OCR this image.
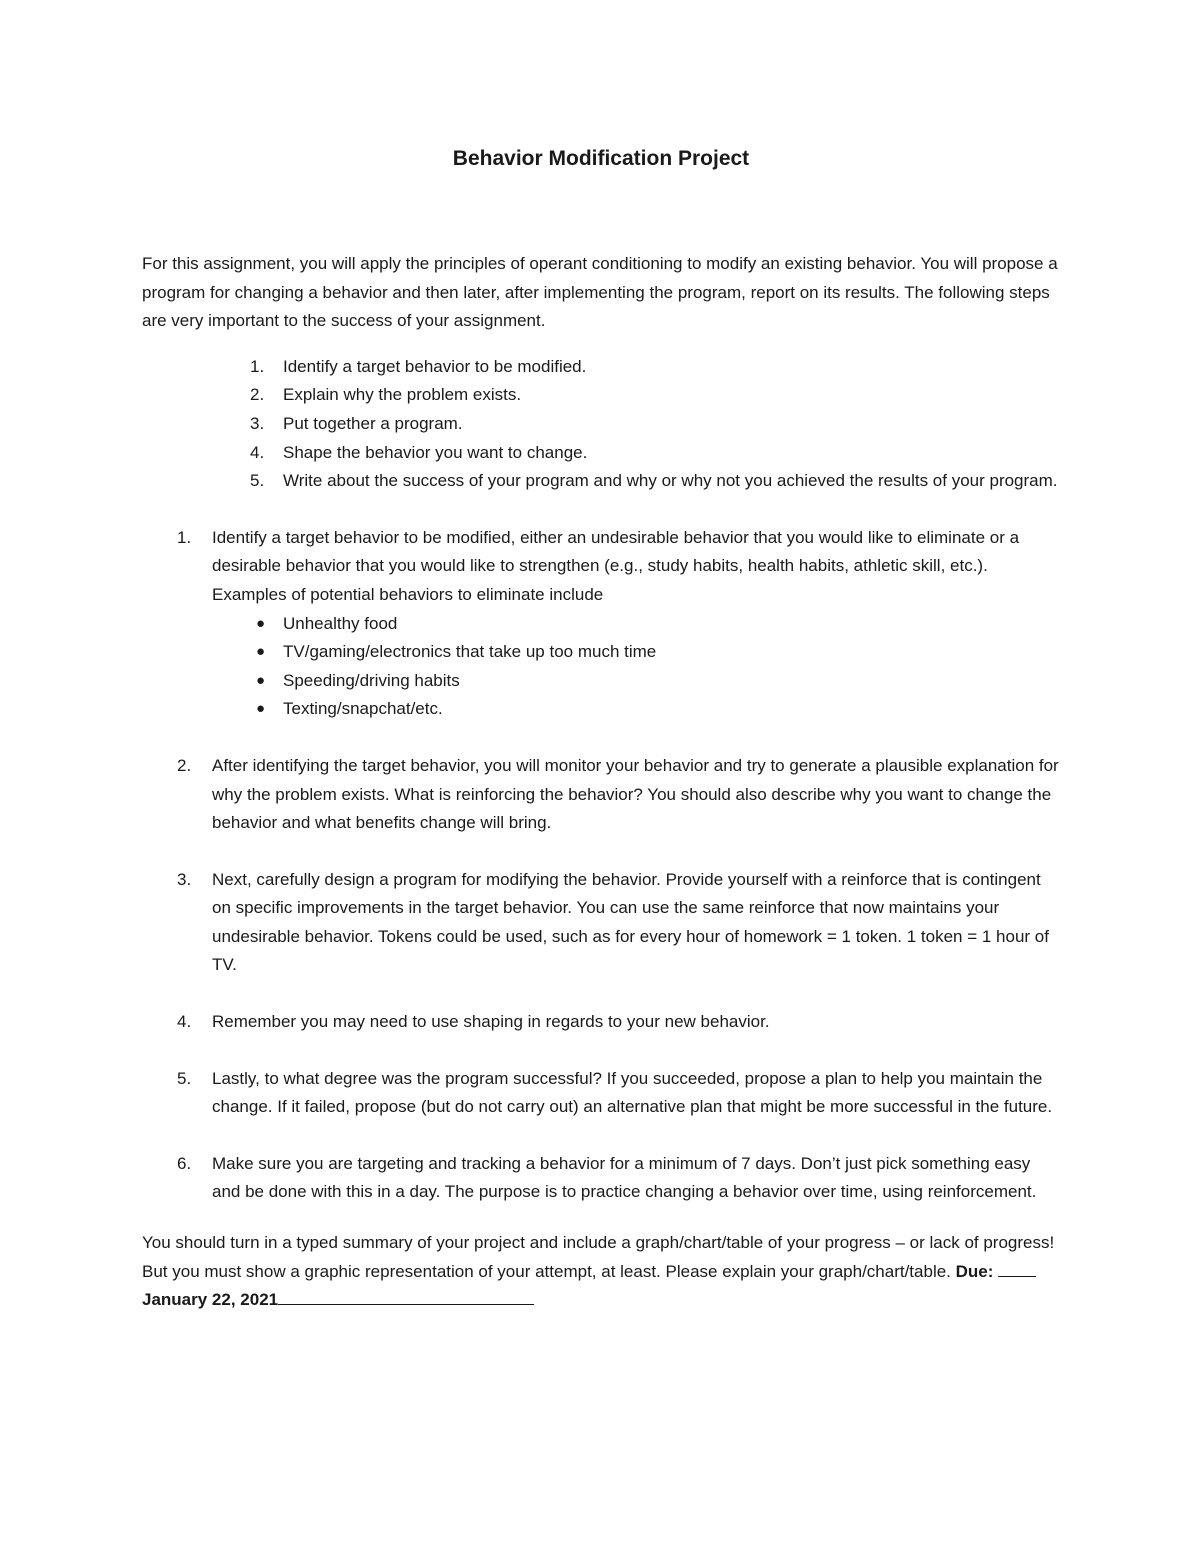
Behavior Modification Project

For this assignment, you will apply the principles of operant conditioning to modify an existing behavior. You will propose a program for changing a behavior and then later, after implementing the program, report on its results. The following steps are very important to the success of your assignment.

1.	Identify a target behavior to be modified.
2.	Explain why the problem exists.
3.	Put together a program.
4.	Shape the behavior you want to change.
5.	Write about the success of your program and why or why not you achieved the results of your program.
1.	Identify a target behavior to be modified, either an undesirable behavior that you would like to eliminate or a desirable behavior that you would like to strengthen (e.g., study habits, health habits, athletic skill, etc.). Examples of potential behaviors to eliminate include
●	Unhealthy food
●	TV/gaming/electronics that take up too much time
●	Speeding/driving habits
●	Texting/snapchat/etc.
2.	After identifying the target behavior, you will monitor your behavior and try to generate a plausible explanation for why the problem exists. What is reinforcing the behavior? You should also describe why you want to change the behavior and what benefits change will bring.
3.	Next, carefully design a program for modifying the behavior. Provide yourself with a reinforce that is contingent on specific improvements in the target behavior. You can use the same reinforce that now maintains your undesirable behavior. Tokens could be used, such as for every hour of homework = 1 token. 1 token = 1 hour of TV.
4.	Remember you may need to use shaping in regards to your new behavior.
5.	Lastly, to what degree was the program successful? If you succeeded, propose a plan to help you maintain the change. If it failed, propose (but do not carry out) an alternative plan that might be more successful in the future.
6.	Make sure you are targeting and tracking a behavior for a minimum of 7 days. Don’t just pick something easy and be done with this in a day. The purpose is to practice changing a behavior over time, using reinforcement.

You should turn in a typed summary of your project and include a graph/chart/table of your progress – or lack of progress! But you must show a graphic representation of your attempt, at least. Please explain your graph/chart/table. Due: January 22, 2021
